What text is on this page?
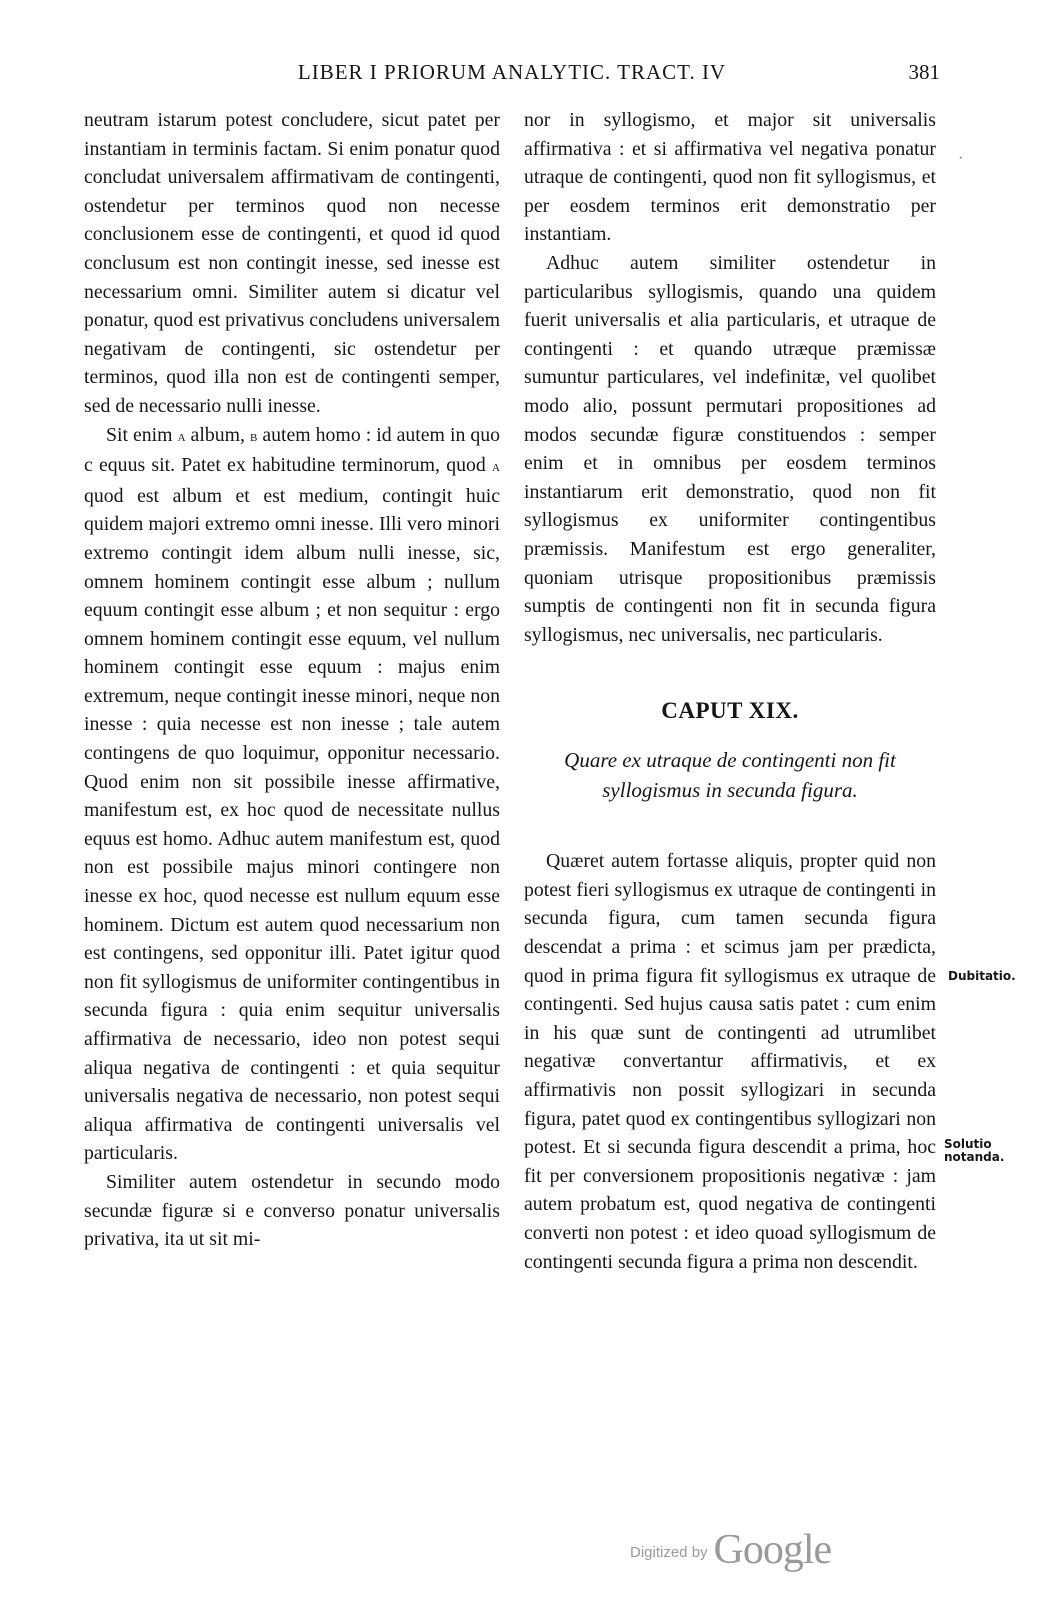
LIBER I PRIORUM ANALYTIC. TRACT. IV	381

neutram istarum potest concludere, sicut patet per instantiam in terminis factam. Si enim ponatur quod concludat universalem affirmativam de contingenti, ostendetur per terminos quod non necesse conclusionem esse de contingenti, et quod id quod conclusum est non contingit inesse, sed inesse est necessarium omni. Similiter autem si dicatur vel ponatur, quod est privativus concludens universalem negativam de contingenti, sic ostendetur per terminos, quod illa non est de contingenti semper, sed de necessario nulli inesse.

Sit enim a album, b autem homo : id autem in quo c equus sit. Patet ex habitudine terminorum, quod a quod est album et est medium, contingit huic quidem majori extremo omni inesse. Illi vero minori extremo contingit idem album nulli inesse, sic, omnem hominem contingit esse album ; nullum equum contingit esse album ; et non sequitur : ergo omnem hominem contingit esse equum, vel nullum hominem contingit esse equum : majus enim extremum, neque contingit inesse minori, neque non inesse : quia necesse est non inesse ; tale autem contingens de quo loquimur, opponitur necessario. Quod enim non sit possibile inesse affirmative, manifestum est, ex hoc quod de necessitate nullus equus est homo. Adhuc autem manifestum est, quod non est possibile majus minori contingere non inesse ex hoc, quod necesse est nullum equum esse hominem. Dictum est autem quod necessarium non est contingens, sed opponitur illi. Patet igitur quod non fit syllogismus de uniformiter contingentibus in secunda figura : quia enim sequitur universalis affirmativa de necessario, ideo non potest sequi aliqua negativa de contingenti : et quia sequitur universalis negativa de necessario, non potest sequi aliqua affirmativa de contingenti universalis vel particularis.

Similiter autem ostendetur in secundo modo secundæ figuræ si e converso ponatur universalis privativa, ita ut sit mi-

nor in syllogismo, et major sit universalis affirmativa : et si affirmativa vel negativa ponatur utraque de contingenti, quod non fit syllogismus, et per eosdem terminos erit demonstratio per instantiam.

Adhuc autem similiter ostendetur in particularibus syllogismis, quando una quidem fuerit universalis et alia particularis, et utraque de contingenti : et quando utræque præmissæ sumuntur particulares, vel indefinitæ, vel quolibet modo alio, possunt permutari propositiones ad modos secundæ figuræ constituendos : semper enim et in omnibus per eosdem terminos instantiarum erit demonstratio, quod non fit syllogismus ex uniformiter contingentibus præmissis. Manifestum est ergo generaliter, quoniam utrisque propositionibus præmissis sumptis de contingenti non fit in secunda figura syllogismus, nec universalis, nec particularis.

CAPUT XIX.
Quare ex utraque de contingenti non fit syllogismus in secunda figura.

Quæret autem fortasse aliquis, propter quid non potest fieri syllogismus ex utraque de contingenti in secunda figura, cum tamen secunda figura descendat a prima : et scimus jam per prædicta, quod in prima figura fit syllogismus ex utraque de contingenti. Sed hujus causa satis patet : cum enim in his quæ sunt de contingenti ad utrumlibet negativæ convertantur affirmativis, et ex affirmativis non possit syllogizari in secunda figura, patet quod ex contingentibus syllogizari non potest. Et si secunda figura descendit a prima, hoc fit per conversionem propositionis negativæ : jam autem probatum est, quod negativa de contingenti converti non potest : et ideo quoad syllogismum de contingenti secunda figura a prima non descendit.

·
Dubitatio.
Solutio notanda.
Digitized by Google
